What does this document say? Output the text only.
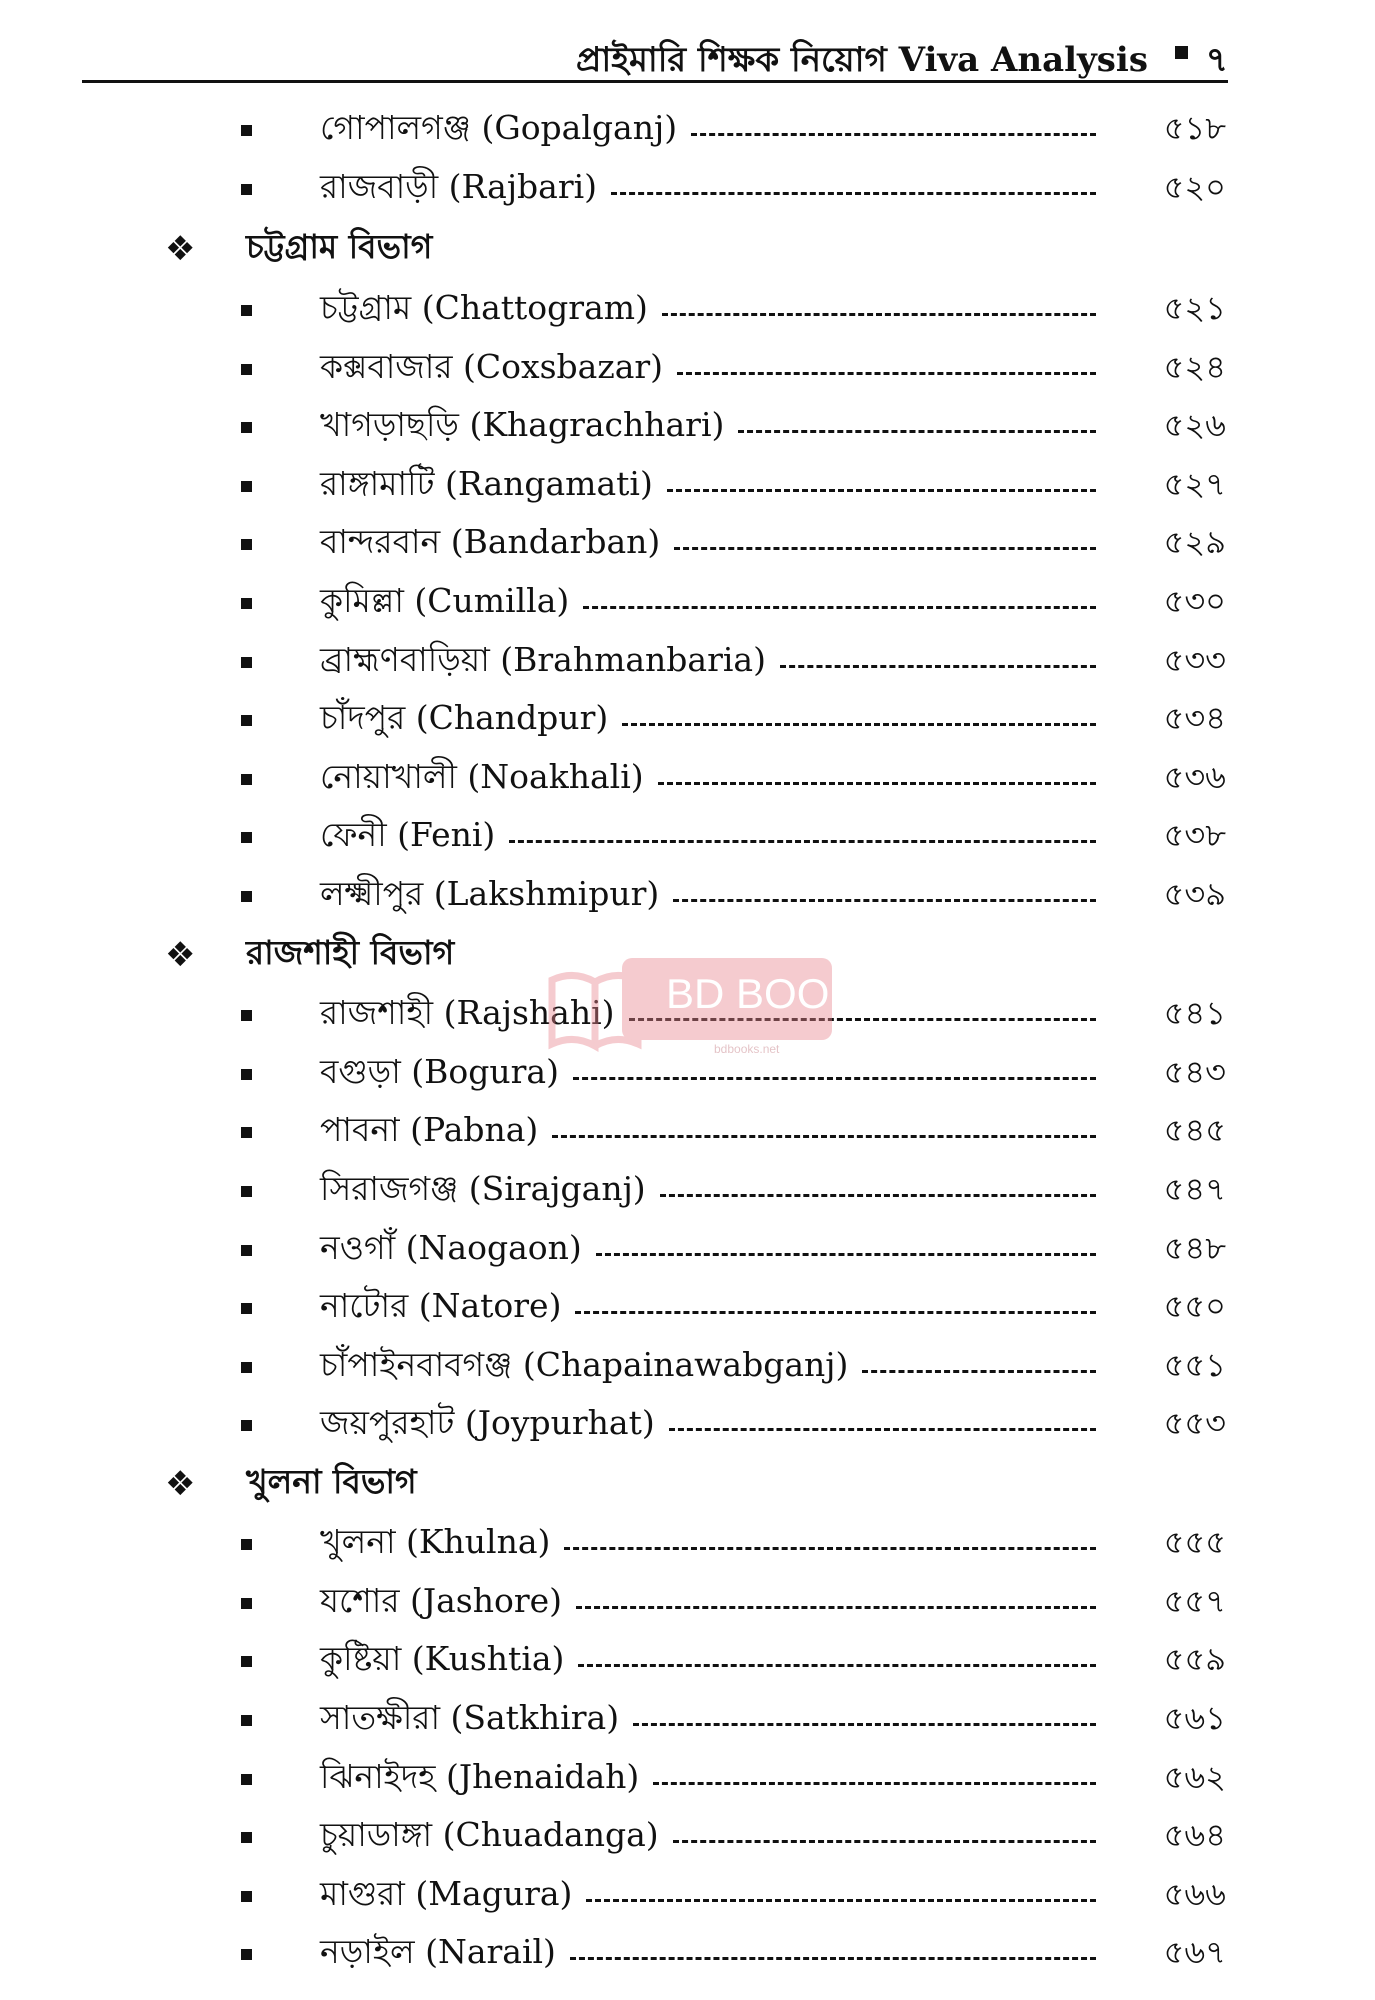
প্রাইমারি শিক্ষক নিয়োগ Viva Analysis ৭
গোপালগঞ্জ (Gopalganj)	৫১৮
রাজবাড়ী (Rajbari)	৫২০
❖ চট্টগ্রাম বিভাগ
চট্টগ্রাম (Chattogram)	৫২১
কক্সবাজার (Coxsbazar)	৫২৪
খাগড়াছড়ি (Khagrachhari)	৫২৬
রাঙ্গামাটি (Rangamati)	৫২৭
বান্দরবান (Bandarban)	৫২৯
কুমিল্লা (Cumilla)	৫৩০
ব্রাহ্মণবাড়িয়া (Brahmanbaria)	৫৩৩
চাঁদপুর (Chandpur)	৫৩৪
নোয়াখালী (Noakhali)	৫৩৬
ফেনী (Feni)	৫৩৮
লক্ষ্মীপুর (Lakshmipur)	৫৩৯
❖ রাজশাহী বিভাগ
রাজশাহী (Rajshahi)	৫৪১
বগুড়া (Bogura)	৫৪৩
পাবনা (Pabna)	৫৪৫
সিরাজগঞ্জ (Sirajganj)	৫৪৭
নওগাঁ (Naogaon)	৫৪৮
নাটোর (Natore)	৫৫০
চাঁপাইনবাবগঞ্জ (Chapainawabganj)	৫৫১
জয়পুরহাট (Joypurhat)	৫৫৩
❖ খুলনা বিভাগ
খুলনা (Khulna)	৫৫৫
যশোর (Jashore)	৫৫৭
কুষ্টিয়া (Kushtia)	৫৫৯
সাতক্ষীরা (Satkhira)	৫৬১
ঝিনাইদহ (Jhenaidah)	৫৬২
চুয়াডাঙ্গা (Chuadanga)	৫৬৪
মাগুরা (Magura)	৫৬৬
নড়াইল (Narail)	৫৬৭
BD BOOKS
bdbooks.net
